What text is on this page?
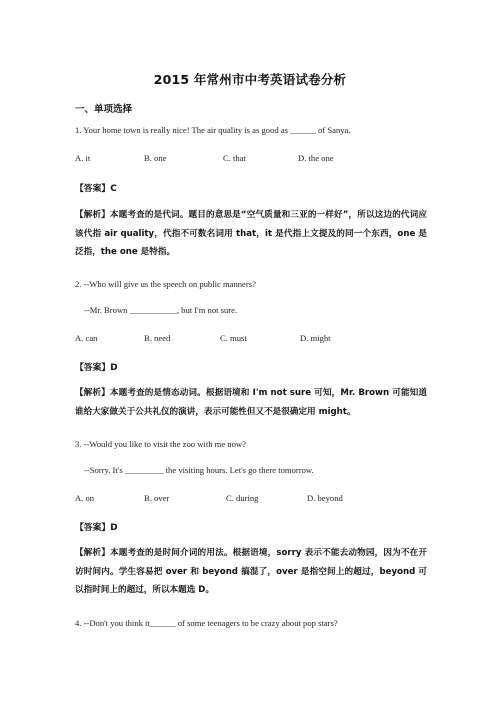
2015 年常州市中考英语试卷分析
一、单项选择
1. Your home town is really nice! The air quality is as good as ______ of Sanya.
A. it	B. one	C. that	D. the one
【答案】C
【解析】本题考查的是代词。题目的意思是“空气质量和三亚的一样好”，所以这边的代词应该代指 air quality，代指不可数名词用 that，it 是代指上文提及的同一个东西，one 是泛指，the one 是特指。
2. --Who will give us the speech on public manners?
--Mr. Brown ___________, but I'm not sure.
A. can	B. need	C. must	D. might
【答案】D
【解析】本题考查的是情态动词。根据语境和 I'm not sure 可知，Mr. Brown 可能知道谁给大家做关于公共礼仪的演讲，表示可能性但又不是很确定用 might。
3. --Would you like to visit the zoo with me now?
--Sorry. It's _________ the visiting hours. Let's go there tomorrow.
A. on	B. over	C. during	D. beyond
【答案】D
【解析】本题考查的是时间介词的用法。根据语境，sorry 表示不能去动物园，因为不在开访时间内。学生容易把 over 和 beyond 搞混了，over 是指空间上的超过，beyond 可以指时间上的超过，所以本题选 D。
4. --Don't you think it______ of some teenagers to be crazy about pop stars?
